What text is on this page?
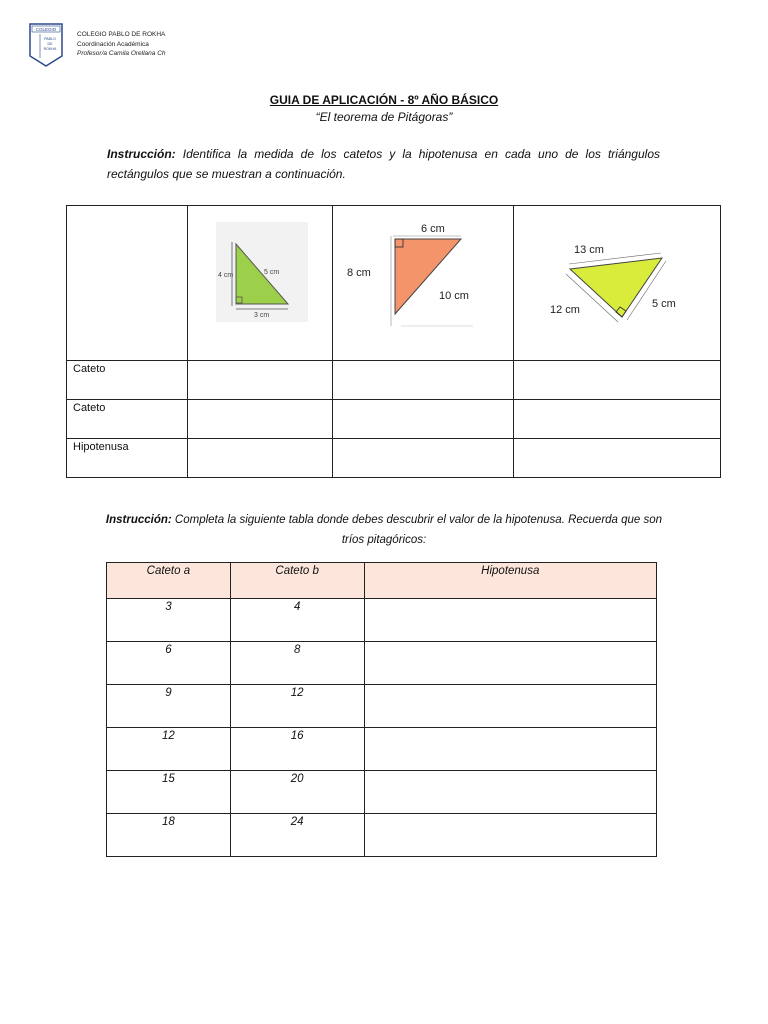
COLEGIO
PABLO
DE
ROKHA
COLEGIO PABLO DE ROKHA
Coordinación Académica
Profesor/a Camila Orellana Ch
GUIA DE APLICACIÓN - 8º AÑO BÁSICO
“El teorema de Pitágoras”
Instrucción: Identifica la medida de los catetos y la hipotenusa en cada uno de los triángulos rectángulos que se muestran a continuación.

4 cm 5 cm
3 cm	6 cm
8 cm
10 cm	13 cm
12 cm 5 cm

Cateto			
Cateto			
Hipotenusa			
Instrucción: Completa la siguiente tabla donde debes descubrir el valor de la hipotenusa. Recuerda que son tríos pitagóricos:
Cateto a	Cateto b	Hipotenusa
3	4	
6	8	
9	12	
12	16	
15	20	
18	24	
